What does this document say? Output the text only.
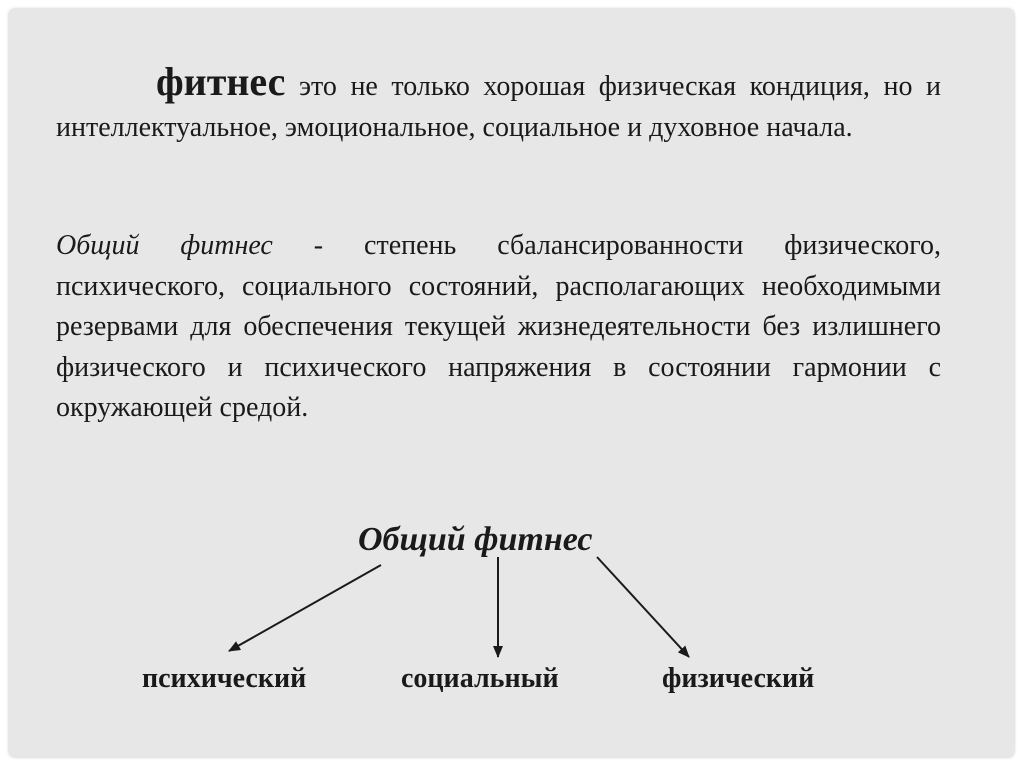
фитнес это не только хорошая физическая кондиция, но и интеллектуальное, эмоциональное, социальное и духовное начала.

Общий фитнес - степень сбалансированности физического, психического, социального состояний, располагающих необходимыми резервами для обеспечения текущей жизнедеятельности без излишнего физического и психического напряжения в состоянии гармонии с окружающей средой.

Общий фитнес
психический	социальный	физический
